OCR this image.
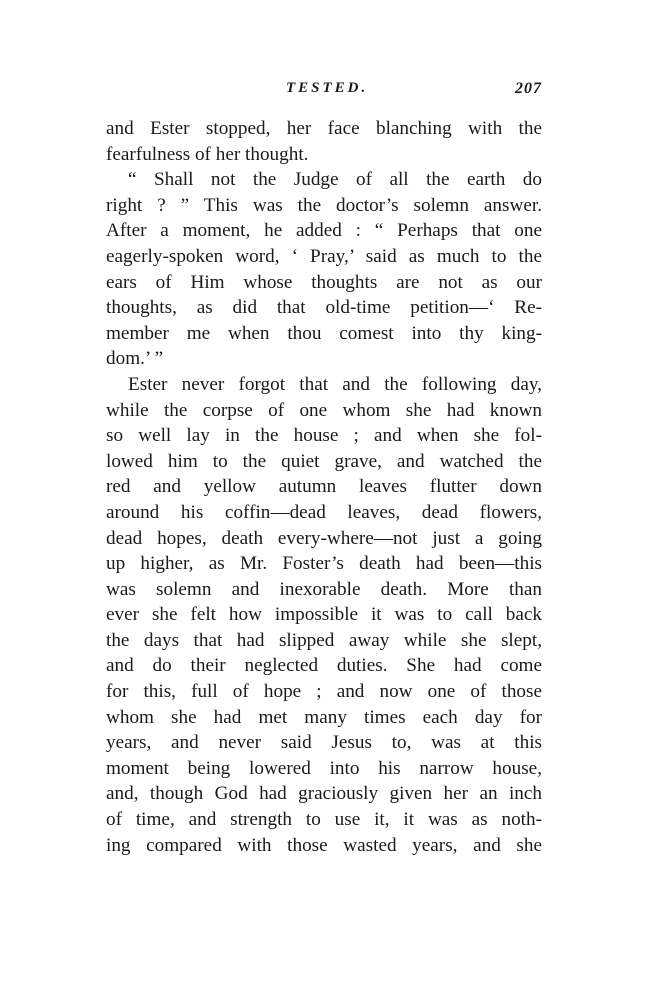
TESTED.	207
and Ester stopped, her face blanching with the
fearfulness of her thought.
“ Shall not the Judge of all the earth do
right ? ” This was the doctor’s solemn answer.
After a moment, he added : “ Perhaps that one
eagerly-spoken word, ‘ Pray,’ said as much to the
ears of Him whose thoughts are not as our
thoughts, as did that old-time petition—‘ Re-
member me when thou comest into thy king-
dom.’ ”
Ester never forgot that and the following day,
while the corpse of one whom she had known
so well lay in the house ; and when she fol-
lowed him to the quiet grave, and watched the
red and yellow autumn leaves flutter down
around his coffin—dead leaves, dead flowers,
dead hopes, death every-where—not just a going
up higher, as Mr. Foster’s death had been—this
was solemn and inexorable death. More than
ever she felt how impossible it was to call back
the days that had slipped away while she slept,
and do their neglected duties. She had come
for this, full of hope ; and now one of those
whom she had met many times each day for
years, and never said Jesus to, was at this
moment being lowered into his narrow house,
and, though God had graciously given her an inch
of time, and strength to use it, it was as noth-
ing compared with those wasted years, and she
